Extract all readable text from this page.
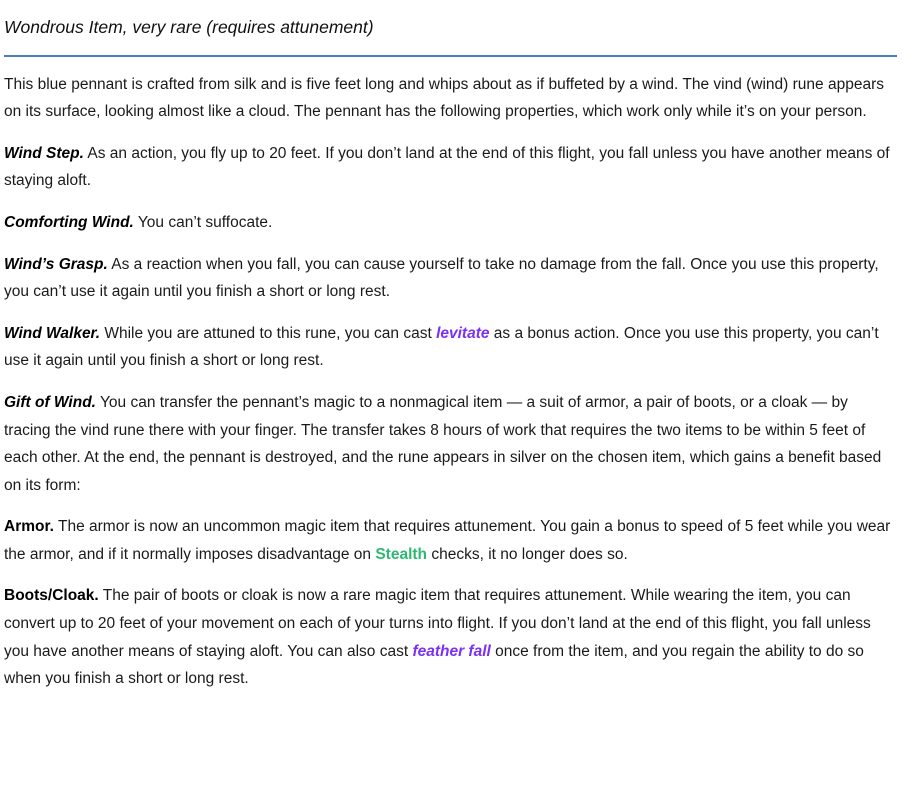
Wondrous Item, very rare (requires attunement)

This blue pennant is crafted from silk and is five feet long and whips about as if buffeted by a wind. The vind (wind) rune appears on its surface, looking almost like a cloud. The pennant has the following properties, which work only while it’s on your person.

Wind Step. As an action, you fly up to 20 feet. If you don’t land at the end of this flight, you fall unless you have another means of staying aloft.

Comforting Wind. You can’t suffocate.

Wind’s Grasp. As a reaction when you fall, you can cause yourself to take no damage from the fall. Once you use this property, you can’t use it again until you finish a short or long rest.

Wind Walker. While you are attuned to this rune, you can cast levitate as a bonus action. Once you use this property, you can’t use it again until you finish a short or long rest.

Gift of Wind. You can transfer the pennant’s magic to a nonmagical item — a suit of armor, a pair of boots, or a cloak — by tracing the vind rune there with your finger. The transfer takes 8 hours of work that requires the two items to be within 5 feet of each other. At the end, the pennant is destroyed, and the rune appears in silver on the chosen item, which gains a benefit based on its form:

Armor. The armor is now an uncommon magic item that requires attunement. You gain a bonus to speed of 5 feet while you wear the armor, and if it normally imposes disadvantage on Stealth checks, it no longer does so.

Boots/Cloak. The pair of boots or cloak is now a rare magic item that requires attunement. While wearing the item, you can convert up to 20 feet of your movement on each of your turns into flight. If you don’t land at the end of this flight, you fall unless you have another means of staying aloft. You can also cast feather fall once from the item, and you regain the ability to do so when you finish a short or long rest.
